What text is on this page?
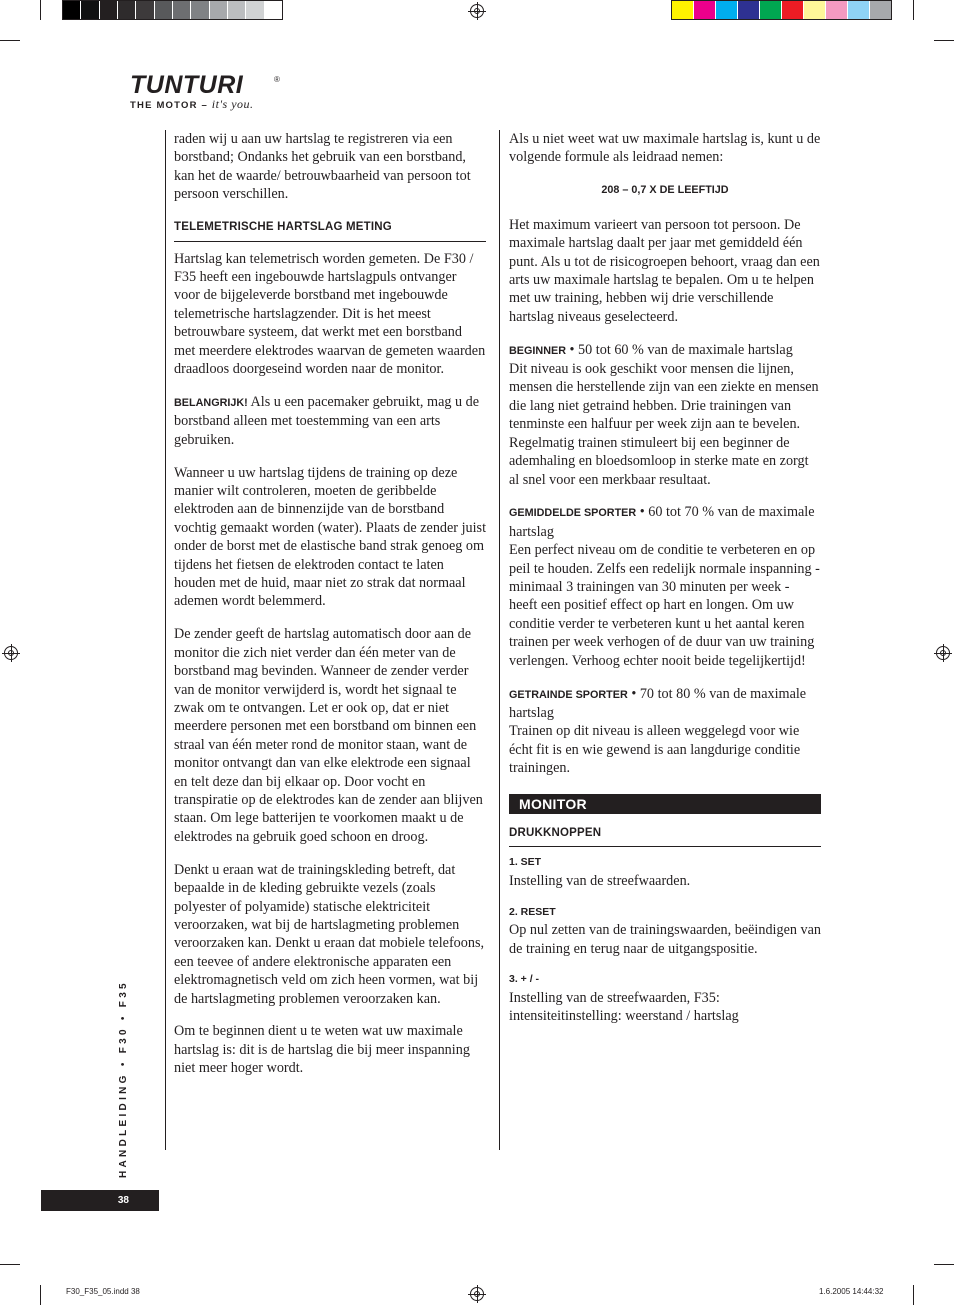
TUNTURI	®
THE MOTOR – it's you.

raden wij u aan uw hartslag te registreren via een borstband; Ondanks het gebruik van een borstband, kan het de waarde/ betrouwbaarheid van persoon tot persoon verschillen.

TELEMETRISCHE HARTSLAG METING

Hartslag kan telemetrisch worden gemeten. De F30 / F35 heeft een ingebouwde hartslagpuls ontvanger voor de bijgeleverde borstband met ingebouwde telemetrische hartslagzender. Dit is het meest betrouwbare systeem, dat werkt met een borstband met meerdere elektrodes waarvan de gemeten waarden draadloos doorgeseind worden naar de monitor.

BELANGRIJK! Als u een pacemaker gebruikt, mag u de borstband alleen met toestemming van een arts gebruiken.

Wanneer u uw hartslag tijdens de training op deze manier wilt controleren, moeten de geribbelde elektroden aan de binnenzijde van de borstband vochtig gemaakt worden (water). Plaats de zender juist onder de borst met de elastische band strak genoeg om tijdens het fietsen de elektroden contact te laten houden met de huid, maar niet zo strak dat normaal ademen wordt belemmerd.

De zender geeft de hartslag automatisch door aan de monitor die zich niet verder dan één meter van de borstband mag bevinden. Wanneer de zender verder van de monitor verwijderd is, wordt het signaal te zwak om te ontvangen. Let er ook op, dat er niet meerdere personen met een borstband om binnen een straal van één meter rond de monitor staan, want de monitor ontvangt dan van elke elektrode een signaal en telt deze dan bij elkaar op. Door vocht en transpiratie op de elektrodes kan de zender aan blijven staan. Om lege batterijen te voorkomen maakt u de elektrodes na gebruik goed schoon en droog.

Denkt u eraan wat de trainingskleding betreft, dat bepaalde in de kleding gebruikte vezels (zoals polyester of polyamide) statische elektriciteit veroorzaken, wat bij de hartslagmeting problemen veroorzaken kan. Denkt u eraan dat mobiele telefoons, een teevee of andere elektronische apparaten een elektromagnetisch veld om zich heen vormen, wat bij de hartslagmeting problemen veroorzaken kan.

Om te beginnen dient u te weten wat uw maximale hartslag is: dit is de hartslag die bij meer inspanning niet meer hoger wordt.

Als u niet weet wat uw maximale hartslag is, kunt u de volgende formule als leidraad nemen:

208 – 0,7 X DE LEEFTIJD

Het maximum varieert van persoon tot persoon. De maximale hartslag daalt per jaar met gemiddeld één punt. Als u tot de risicogroepen behoort, vraag dan een arts uw maximale hartslag te bepalen. Om u te helpen met uw training, hebben wij drie verschillende hartslag niveaus geselecteerd.

BEGINNER • 50 tot 60 % van de maximale hartslag
Dit niveau is ook geschikt voor mensen die lijnen, mensen die herstellende zijn van een ziekte en mensen die lang niet getraind hebben. Drie trainingen van tenminste een halfuur per week zijn aan te bevelen. Regelmatig trainen stimuleert bij een beginner de ademhaling en bloedsomloop in sterke mate en zorgt al snel voor een merkbaar resultaat.

GEMIDDELDE SPORTER • 60 tot 70 % van de maximale hartslag
Een perfect niveau om de conditie te verbeteren en op peil te houden. Zelfs een redelijk normale inspanning - minimaal 3 trainingen van 30 minuten per week - heeft een positief effect op hart en longen. Om uw conditie verder te verbeteren kunt u het aantal keren trainen per week verhogen of de duur van uw training verlengen. Verhoog echter nooit beide tegelijkertijd!

GETRAINDE SPORTER • 70 tot 80 % van de maximale hartslag
Trainen op dit niveau is alleen weggelegd voor wie écht fit is en wie gewend is aan langdurige conditie trainingen.

MONITOR
DRUKKNOPPEN

1. SET
Instelling van de streefwaarden.

2. RESET
Op nul zetten van de trainingswaarden, beëindigen van de training en terug naar de uitgangspositie.

3. + / -
Instelling van de streefwaarden, F35: intensiteitinstelling: weerstand / hartslag

HANDLEIDING • F30 • F35
38
F30_F35_05.indd 38	1.6.2005 14:44:32
